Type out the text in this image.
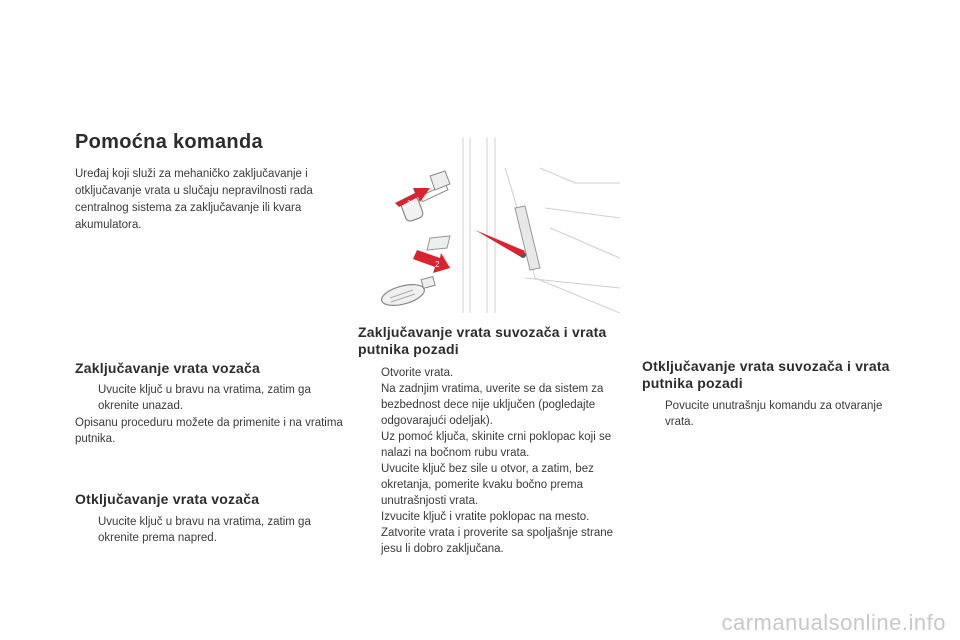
Pomoćna komanda

Uređaj koji služi za mehaničko zaključavanje i otključavanje vrata u slučaju nepravilnosti rada centralnog sistema za zaključavanje ili kvara akumulatora.

1
2
Zaključavanje vrata vozača
Uvucite ključ u bravu na vratima, zatim ga okrenite unazad.

Opisanu proceduru možete da primenite i na vratima putnika.

Otključavanje vrata vozača
Uvucite ključ u bravu na vratima, zatim ga okrenite prema napred.
Zaključavanje vrata suvozača i vrata putnika pozadi
Otvorite vrata.
Na zadnjim vratima, uverite se da sistem za bezbednost dece nije uključen (pogledajte odgovarajući odeljak).
Uz pomoć ključa, skinite crni poklopac koji se nalazi na bočnom rubu vrata.
Uvucite ključ bez sile u otvor, a zatim, bez okretanja, pomerite kvaku bočno prema unutrašnjosti vrata.
Izvucite ključ i vratite poklopac na mesto.
Zatvorite vrata i proverite sa spoljašnje strane jesu li dobro zaključana.
Otključavanje vrata suvozača i vrata putnika pozadi
Povucite unutrašnju komandu za otvaranje vrata.
carmanualsonline.info
